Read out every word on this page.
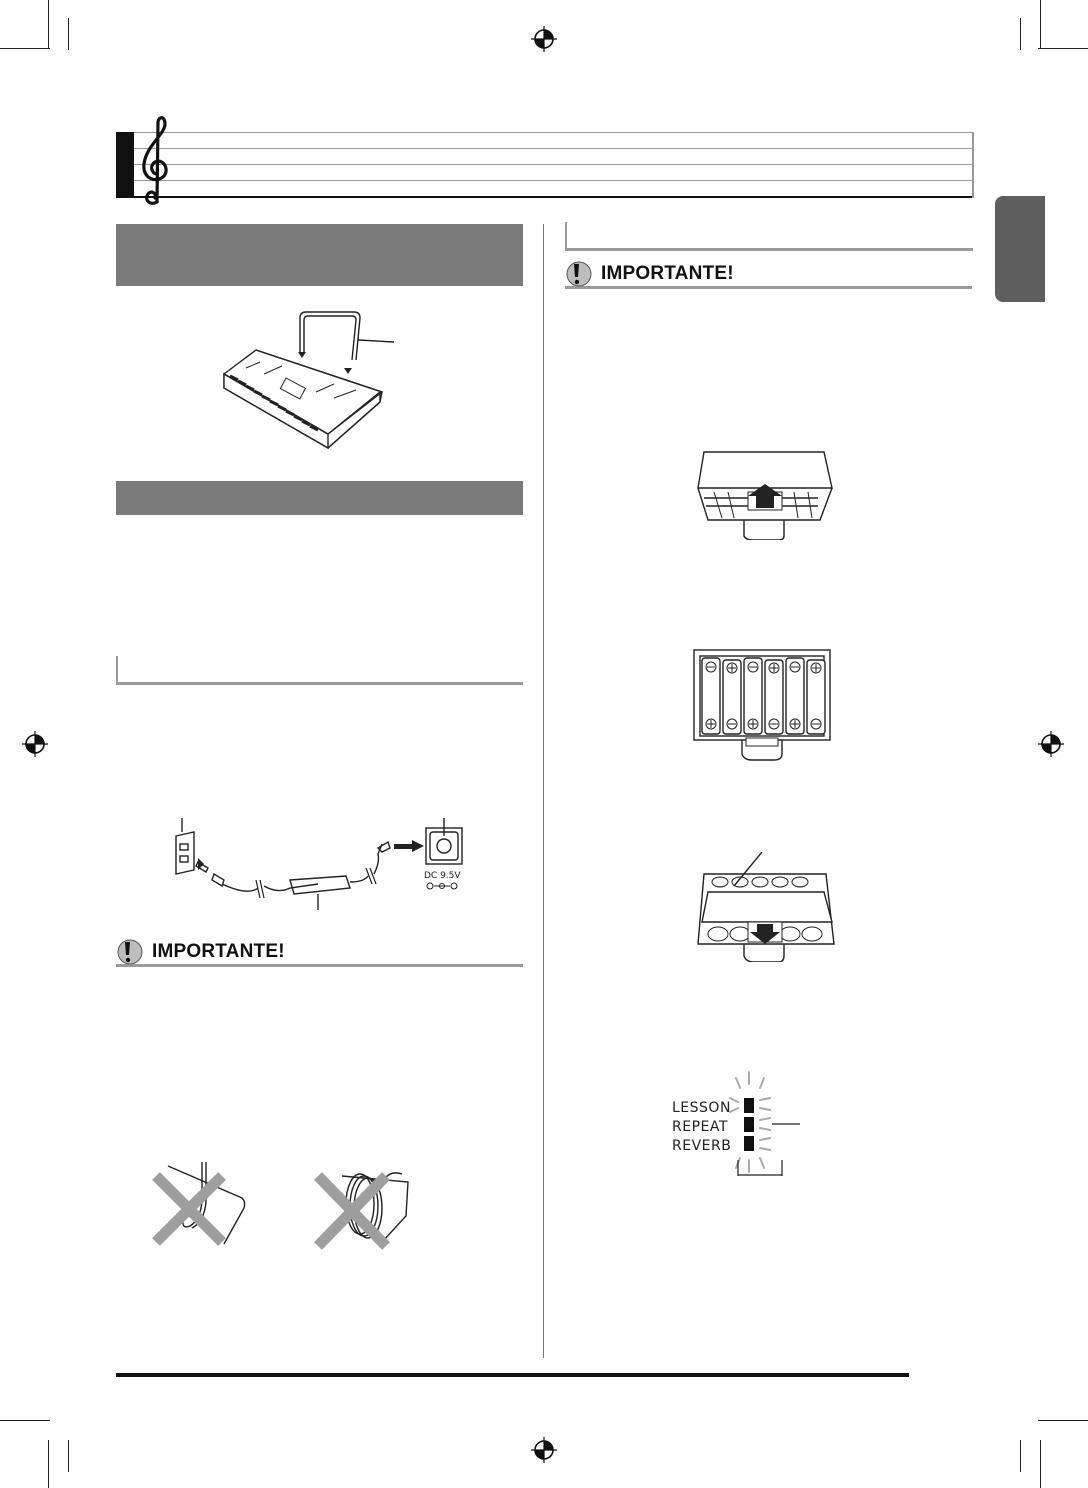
DC 9.5V
IMPORTANTE!
IMPORTANTE!
LESSON
REPEAT
REVERB
